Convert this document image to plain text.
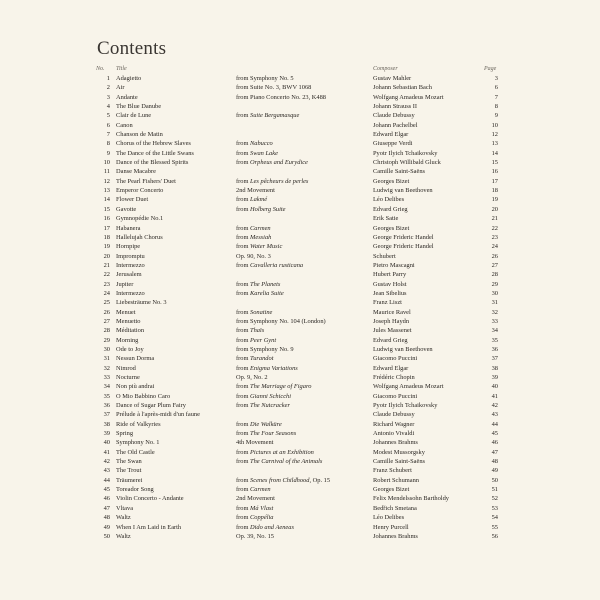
Contents
No. Title	Composer	Page
1 Adagietto	from Symphony No. 5	Gustav Mahler	3
2 Air	from Suite No. 3, BWV 1068	Johann Sebastian Bach	6
3 Andante	from Piano Concerto No. 23, K488	Wolfgang Amadeus Mozart	7
4 The Blue Danube	Johann Strauss II	8
5 Clair de Lune	from Suite Bergamasque	Claude Debussy	9
6 Canon	Johann Pachelbel	10
7 Chanson de Matin	Edward Elgar	12
8 Chorus of the Hebrew Slaves	from Nabucco	Giuseppe Verdi	13
9 The Dance of the Little Swans	from Swan Lake	Pyotr Ilyich Tchaikovsky	14
10 Dance of the Blessed Spirits	from Orpheus and Eurydice	Christoph Willibald Gluck	15
11 Danse Macabre	Camille Saint-Saëns	16
12 The Pearl Fishers' Duet	from Les pêcheurs de perles	Georges Bizet	17
13 Emperor Concerto	2nd Movement	Ludwig van Beethoven	18
14 Flower Duet	from Lakmé	Léo Delibes	19
15 Gavotte	from Holberg Suite	Edvard Grieg	20
16 Gymnopédie No.1	Erik Satie	21
17 Habanera	from Carmen	Georges Bizet	22
18 Hallelujah Chorus	from Messiah	George Frideric Handel	23
19 Hornpipe	from Water Music	George Frideric Handel	24
20 Impromptu	Op. 90, No. 3	Schubert	26
21 Intermezzo	from Cavalleria rusticana	Pietro Mascagni	27
22 Jerusalem	Hubert Parry	28
23 Jupiter	from The Planets	Gustav Holst	29
24 Intermezzo	from Karelia Suite	Jean Sibelius	30
25 Liebesträume No. 3	Franz Liszt	31
26 Menuet	from Sonatine	Maurice Ravel	32
27 Menuetto	from Symphony No. 104 (London)	Joseph Haydn	33
28 Méditation	from Thaïs	Jules Massenet	34
29 Morning	from Peer Gynt	Edvard Grieg	35
30 Ode to Joy	from Symphony No. 9	Ludwig van Beethoven	36
31 Nessun Dorma	from Turandot	Giacomo Puccini	37
32 Nimrod	from Enigma Variations	Edward Elgar	38
33 Nocturne	Op. 9, No. 2	Frédéric Chopin	39
34 Non più andrai	from The Marriage of Figaro	Wolfgang Amadeus Mozart	40
35 O Mio Babbino Caro	from Gianni Schicchi	Giacomo Puccini	41
36 Dance of Sugar Plum Fairy	from The Nutcracker	Pyotr Ilyich Tchaikovsky	42
37 Prélude à l'après-midi d'un faune	Claude Debussy	43
38 Ride of Valkyries	from Die Walküre	Richard Wagner	44
39 Spring	from The Four Seasons	Antonio Vivaldi	45
40 Symphony No. 1	4th Movement	Johannes Brahms	46
41 The Old Castle	from Pictures at an Exhibition	Modest Mussorgsky	47
42 The Swan	from The Carnival of the Animals	Camille Saint-Saëns	48
43 The Trout	Franz Schubert	49
44 Träumerei	from Scenes from Childhood, Op. 15	Robert Schumann	50
45 Toreador Song	from Carmen	Georges Bizet	51
46 Violin Concerto - Andante	2nd Movement	Felix Mendelssohn Bartholdy	52
47 Vltava	from Má Vlast	Bedřich Smetana	53
48 Waltz	from Coppélia	Léo Delibes	54
49 When I Am Laid in Earth	from Dido and Aeneas	Henry Purcell	55
50 Waltz	Op. 39, No. 15	Johannes Brahms	56
